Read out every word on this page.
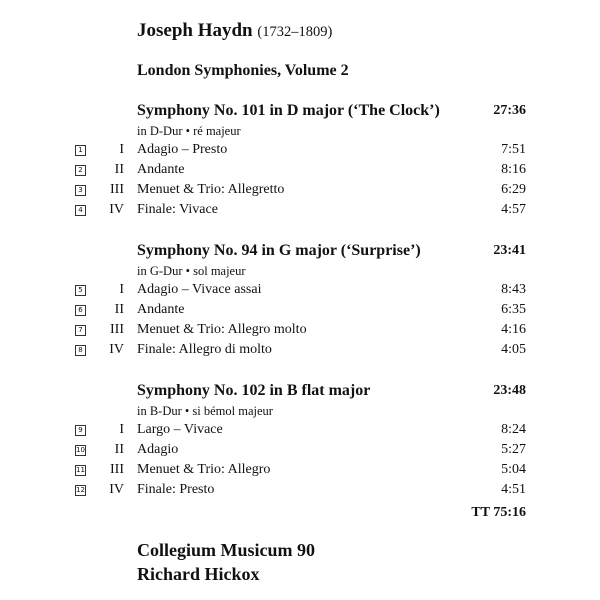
Joseph Haydn (1732–1809)
London Symphonies, Volume 2
Symphony No. 101 in D major (‘The Clock’)	27:36
in D-Dur • ré majeur
1	I Adagio – Presto	7:51
2	II Andante	8:16
3	III Menuet & Trio: Allegretto	6:29
4	IV Finale: Vivace	4:57
Symphony No. 94 in G major (‘Surprise’)	23:41
in G-Dur • sol majeur
5	I Adagio – Vivace assai	8:43
6	II Andante	6:35
7	III Menuet & Trio: Allegro molto	4:16
8	IV Finale: Allegro di molto	4:05
Symphony No. 102 in B flat major	23:48
in B-Dur • si bémol majeur
9	I Largo – Vivace	8:24
10	II Adagio	5:27
11	III Menuet & Trio: Allegro	5:04
12	IV Finale: Presto	4:51
TT 75:16
Collegium Musicum 90
Richard Hickox
